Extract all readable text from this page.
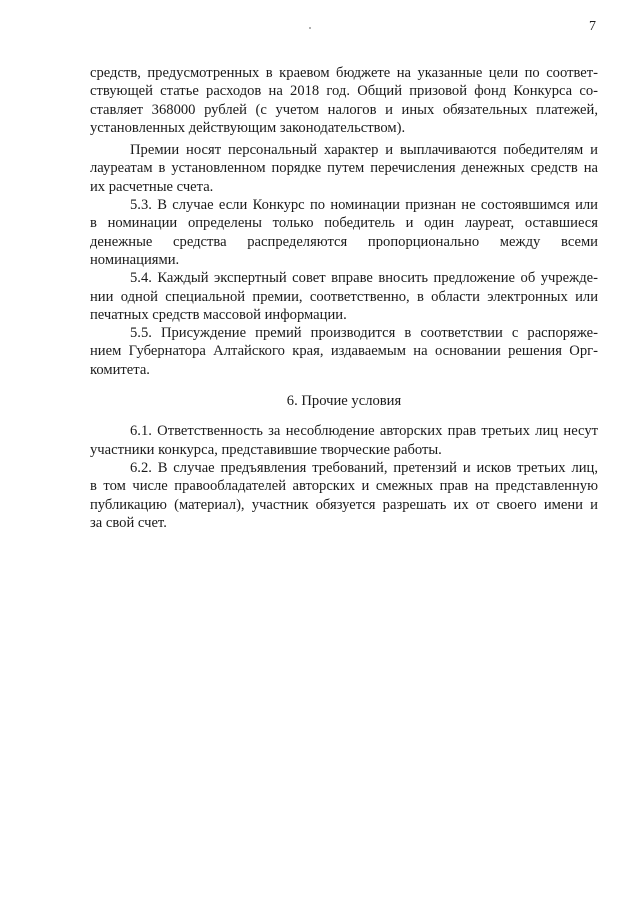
7
средств, предусмотренных в краевом бюджете на указанные цели по соответ-
ствующей статье расходов на 2018 год. Общий призовой фонд Конкурса со-
ставляет 368000 рублей (с учетом налогов и иных обязательных платежей,
установленных действующим законодательством).
Премии носят персональный характер и выплачиваются победителям и
лауреатам в установленном порядке путем перечисления денежных средств на
их расчетные счета.
5.3. В случае если Конкурс по номинации признан не состоявшимся или
в номинации определены только победитель и один лауреат, оставшиеся
денежные средства распределяются пропорционально между всеми
номинациями.
5.4. Каждый экспертный совет вправе вносить предложение об учрежде-
нии одной специальной премии, соответственно, в области электронных или
печатных средств массовой информации.
5.5. Присуждение премий производится в соответствии с распоряже-
нием Губернатора Алтайского края, издаваемым на основании решения Орг-
комитета.
6. Прочие условия
6.1. Ответственность за несоблюдение авторских прав третьих лиц несут
участники конкурса, представившие творческие работы.
6.2. В случае предъявления требований, претензий и исков третьих лиц,
в том числе правообладателей авторских и смежных прав на представленную
публикацию (материал), участник обязуется разрешать их от своего имени и
за свой счет.
